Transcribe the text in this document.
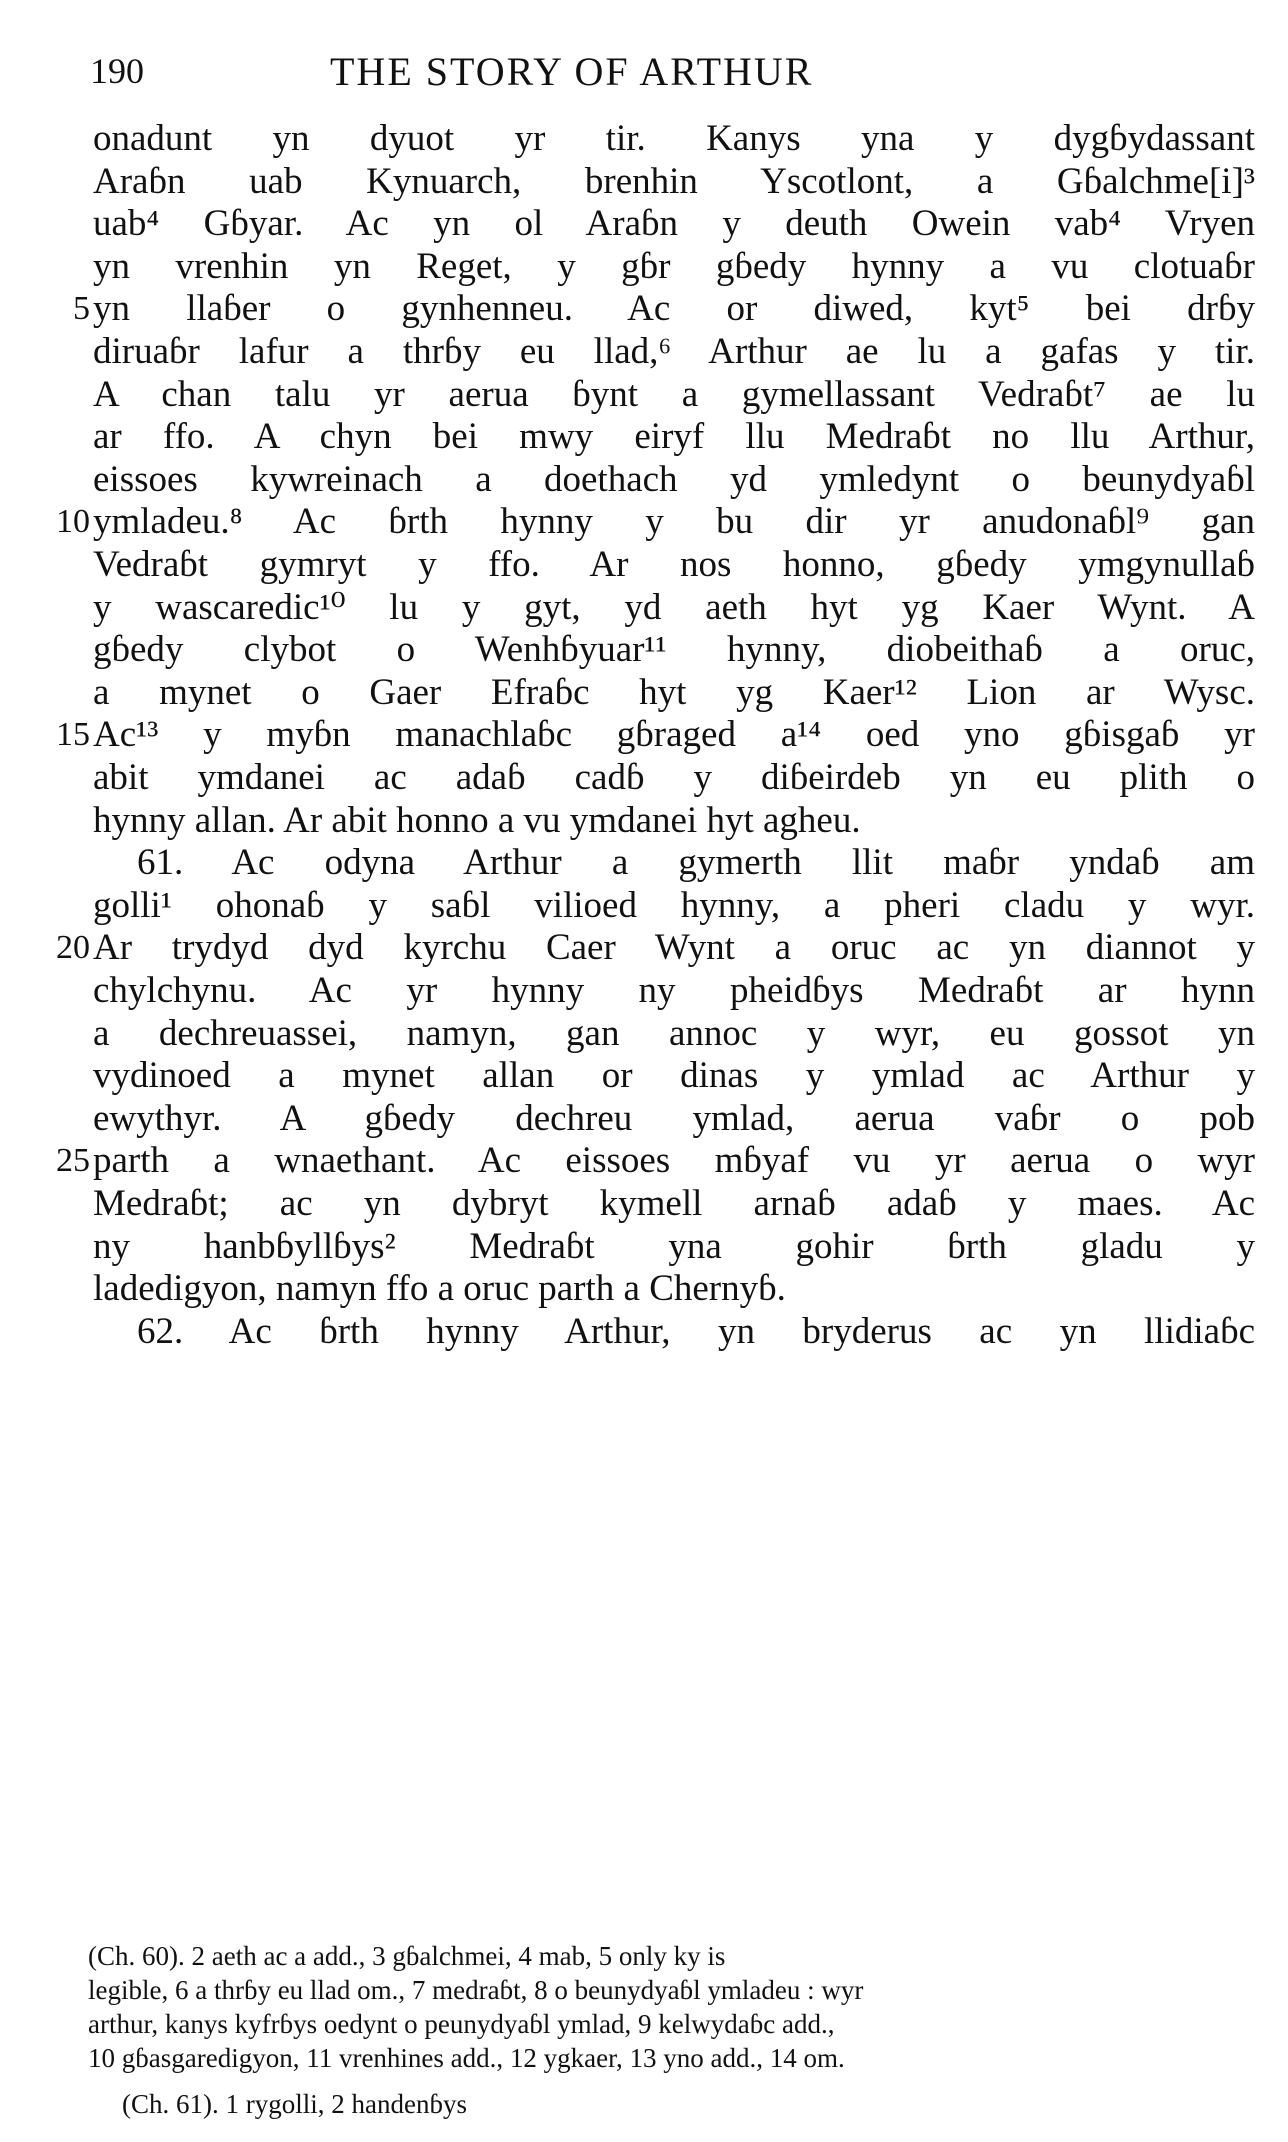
190	THE STORY OF ARTHUR
onadunt yn dyuot yr tir. Kanys yna y dygɓydassant
Araɓn uab Kynuarch, brenhin Yscotlont, a Gɓalchme[i]³
uab⁴ Gɓyar. Ac yn ol Araɓn y deuth Owein vab⁴ Vryen
yn vrenhin yn Reget, y gɓr gɓedy hynny a vu clotuaɓr
5 yn llaɓer o gynhenneu. Ac or diwed, kyt⁵ bei drɓy
diruaɓr lafur a thrɓy eu llad,⁶ Arthur ae lu a gafas y tir.
A chan talu yr aerua ɓynt a gymellassant Vedraɓt⁷ ae lu
ar ffo. A chyn bei mwy eiryf llu Medraɓt no llu Arthur,
eissoes kywreinach a doethach yd ymledynt o beunydyaɓl
10 ymladeu.⁸ Ac ɓrth hynny y bu dir yr anudonaɓl⁹ gan
Vedraɓt gymryt y ffo. Ar nos honno, gɓedy ymgynullaɓ
y wascaredic¹⁰ lu y gyt, yd aeth hyt yg Kaer Wynt. A
gɓedy clybot o Wenhɓyuar¹¹ hynny, diobeithaɓ a oruc,
a mynet o Gaer Efraɓc hyt yg Kaer¹² Lion ar Wysc.
15 Ac¹³ y myɓn manachlaɓc gɓraged a¹⁴ oed yno gɓisgaɓ yr
abit ymdanei ac adaɓ cadɓ y diɓeirdeb yn eu plith o
hynny allan. Ar abit honno a vu ymdanei hyt agheu.
61. Ac odyna Arthur a gymerth llit maɓr yndaɓ am
golli¹ ohonaɓ y saɓl vilioed hynny, a pheri cladu y wyr.
20 Ar trydyd dyd kyrchu Caer Wynt a oruc ac yn diannot y
chylchynu. Ac yr hynny ny pheidɓys Medraɓt ar hynn
a dechreuassei, namyn, gan annoc y wyr, eu gossot yn
vydinoed a mynet allan or dinas y ymlad ac Arthur y
ewythyr. A gɓedy dechreu ymlad, aerua vaɓr o pob
25 parth a wnaethant. Ac eissoes mɓyaf vu yr aerua o wyr
Medraɓt; ac yn dybryt kymell arnaɓ adaɓ y maes. Ac
ny hanbɓyllɓys² Medraɓt yna gohir ɓrth gladu y
ladedigyon, namyn ffo a oruc parth a Chernyɓ.
62. Ac ɓrth hynny Arthur, yn bryderus ac yn llidiaɓc
(Ch. 60). 2 aeth ac a add., 3 gɓalchmei, 4 mab, 5 only ky is
legible, 6 a thrɓy eu llad om., 7 medraɓt, 8 o beunydyaɓl ymladeu : wyr
arthur, kanys kyfrɓys oedynt o peunydyaɓl ymlad, 9 kelwydaɓc add.,
10 gɓasgaredigyon, 11 vrenhines add., 12 ygkaer, 13 yno add., 14 om.
(Ch. 61). 1 rygolli, 2 handenɓys
